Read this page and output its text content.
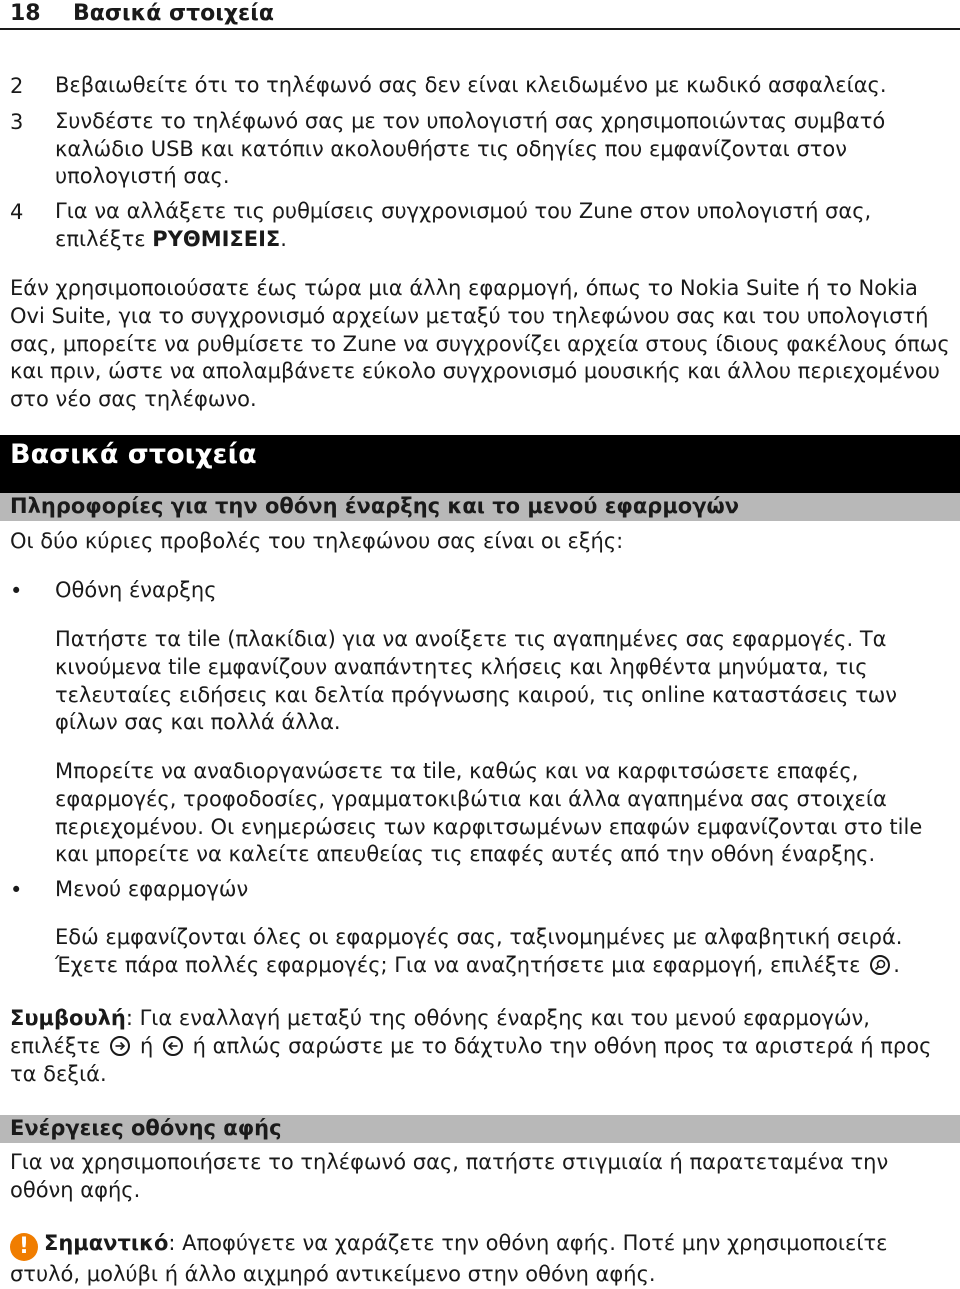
18 Βασικά στοιχεία
2 Βεβαιωθείτε ότι το τηλέφωνό σας δεν είναι κλειδωμένο με κωδικό ασφαλείας.
3 Συνδέστε το τηλέφωνό σας με τον υπολογιστή σας χρησιμοποιώντας συμβατό καλώδιο USB και κατόπιν ακολουθήστε τις οδηγίες που εμφανίζονται στον υπολογιστή σας.
4 Για να αλλάξετε τις ρυθμίσεις συγχρονισμού του Zune στον υπολογιστή σας, επιλέξτε ΡΥΘΜΙΣΕΙΣ.
Εάν χρησιμοποιούσατε έως τώρα μια άλλη εφαρμογή, όπως το Nokia Suite ή το Nokia Ovi Suite, για το συγχρονισμό αρχείων μεταξύ του τηλεφώνου σας και του υπολογιστή σας, μπορείτε να ρυθμίσετε το Zune να συγχρονίζει αρχεία στους ίδιους φακέλους όπως και πριν, ώστε να απολαμβάνετε εύκολο συγχρονισμό μουσικής και άλλου περιεχομένου στο νέο σας τηλέφωνο.
Βασικά στοιχεία
Πληροφορίες για την οθόνη έναρξης και το μενού εφαρμογών
Οι δύο κύριες προβολές του τηλεφώνου σας είναι οι εξής:
• Οθόνη έναρξης
Πατήστε τα tile (πλακίδια) για να ανοίξετε τις αγαπημένες σας εφαρμογές. Τα κινούμενα tile εμφανίζουν αναπάντητες κλήσεις και ληφθέντα μηνύματα, τις τελευταίες ειδήσεις και δελτία πρόγνωσης καιρού, τις online καταστάσεις των φίλων σας και πολλά άλλα.
Μπορείτε να αναδιοργανώσετε τα tile, καθώς και να καρφιτσώσετε επαφές, εφαρμογές, τροφοδοσίες, γραμματοκιβώτια και άλλα αγαπημένα σας στοιχεία περιεχομένου. Οι ενημερώσεις των καρφιτσωμένων επαφών εμφανίζονται στο tile και μπορείτε να καλείτε απευθείας τις επαφές αυτές από την οθόνη έναρξης.
• Μενού εφαρμογών
Εδώ εμφανίζονται όλες οι εφαρμογές σας, ταξινομημένες με αλφαβητική σειρά. Έχετε πάρα πολλές εφαρμογές; Για να αναζητήσετε μια εφαρμογή, επιλέξτε
.
Συμβουλή: Για εναλλαγή μεταξύ της οθόνης έναρξης και του μενού εφαρμογών, επιλέξτε
ή
ή απλώς σαρώστε με το δάχτυλο την οθόνη προς τα αριστερά ή προς τα δεξιά.
Ενέργειες οθόνης αφής
Για να χρησιμοποιήσετε το τηλέφωνό σας, πατήστε στιγμιαία ή παρατεταμένα την οθόνη αφής.
! Σημαντικό: Αποφύγετε να χαράζετε την οθόνη αφής. Ποτέ μην χρησιμοποιείτε στυλό, μολύβι ή άλλο αιχμηρό αντικείμενο στην οθόνη αφής.
